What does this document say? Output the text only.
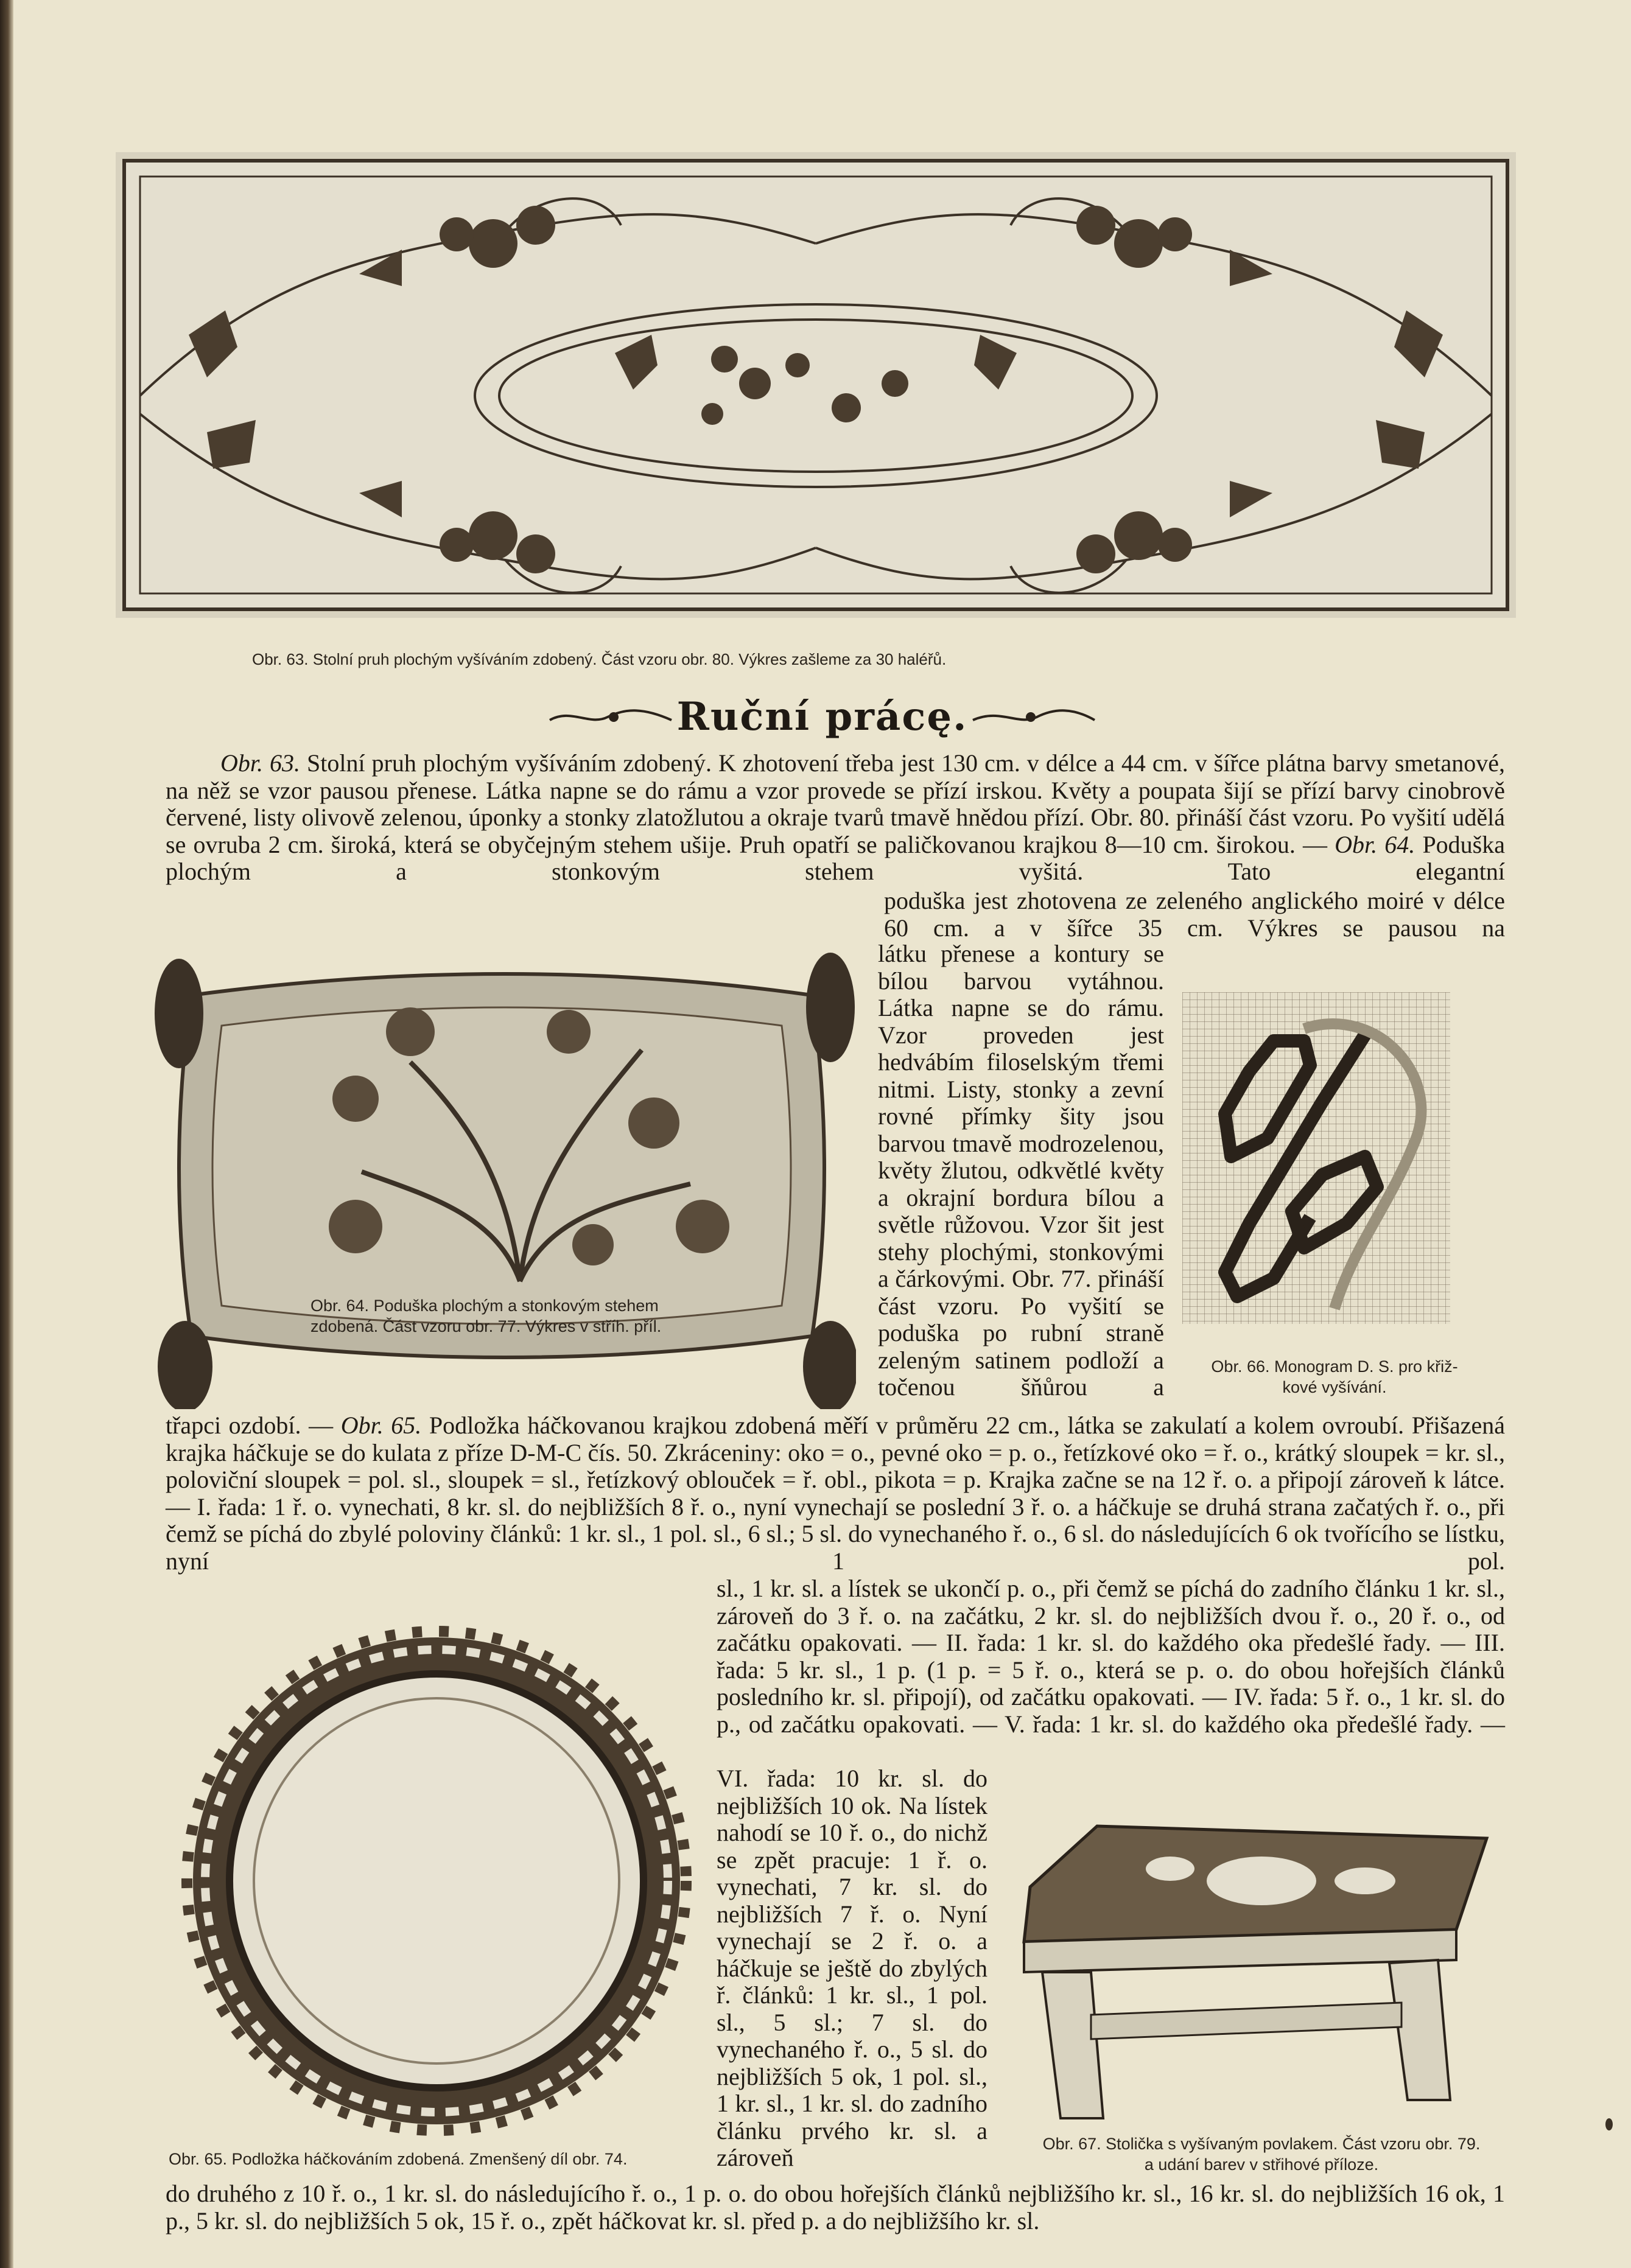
Obr. 63. Stolní pruh plochým vyšíváním zdobený. Část vzoru obr. 80. Výkres zašleme za 30 haléřů.
Ruční prácę.

Obr. 63. Stolní pruh plochým vyšíváním zdobený. K zhotovení třeba jest 130 cm. v délce a 44 cm. v šířce plátna barvy smetanové, na něž se vzor pausou přenese. Látka napne se do rámu a vzor provede se přízí irskou. Květy a poupata šijí se přízí barvy cinobrově červené, listy olivově zelenou, úponky a stonky zlatožlutou a okraje tvarů tmavě hnědou přízí. Obr. 80. přináší část vzoru. Po vyšití udělá se ovruba 2 cm. široká, která se obyčejným stehem ušije. Pruh opatří se paličkovanou krajkou 8—10 cm. širokou. — Obr. 64. Poduška plochým a stonkovým stehem vyšitá. Tato elegantní

Obr. 64. Poduška plochým a stonkovým stehem
zdobená. Část vzoru obr. 77. Výkres v stříh. příl.

poduška jest zhotovena ze zeleného anglického moiré v délce 60 cm. a v šířce 35 cm. Výkres se pausou na

látku přenese a kontury se bílou barvou vytáhnou. Látka napne se do rámu. Vzor proveden jest hedvábím filoselským třemi nitmi. Listy, stonky a zevní rovné přímky šity jsou barvou tmavě modrozelenou, květy žlutou, odkvětlé květy a okrajní bordura bílou a světle růžovou. Vzor šit jest stehy plochými, stonkovými a čárkovými. Obr. 77. přináší část vzoru. Po vyšití se poduška po rubní straně zeleným satinem podloží a točenou šňůrou a

Obr. 66. Monogram D. S. pro křiž-
kové vyšívání.

třapci ozdobí. — Obr. 65. Podložka háčkovanou krajkou zdobená měří v průměru 22 cm., látka se zakulatí a kolem ovroubí. Přišazená krajka háčkuje se do kulata z příze D-M-C čís. 50. Zkráceniny: oko = o., pevné oko = p. o., řetízkové oko = ř. o., krátký sloupek = kr. sl., poloviční sloupek = pol. sl., sloupek = sl., řetízkový oblouček = ř. obl., pikota = p. Krajka začne se na 12 ř. o. a připojí zároveň k látce. — I. řada: 1 ř. o. vynechati, 8 kr. sl. do nejbližších 8 ř. o., nyní vynechají se poslední 3 ř. o. a háčkuje se druhá strana začatých ř. o., při čemž se píchá do zbylé poloviny článků: 1 kr. sl., 1 pol. sl., 6 sl.; 5 sl. do vynechaného ř. o., 6 sl. do následujících 6 ok tvořícího se lístku, nyní 1 pol.

Obr. 65. Podložka háčkováním zdobená. Zmenšený díl obr. 74.

sl., 1 kr. sl. a lístek se ukončí p. o., při čemž se píchá do zadního článku 1 kr. sl., zároveň do 3 ř. o. na začátku, 2 kr. sl. do nejbližších dvou ř. o., 20 ř. o., od začátku opakovati. — II. řada: 1 kr. sl. do každého oka předešlé řady. — III. řada: 5 kr. sl., 1 p. (1 p. = 5 ř. o., která se p. o. do obou hořejších článků posledního kr. sl. připojí), od začátku opakovati. — IV. řada: 5 ř. o., 1 kr. sl. do p., od začátku opakovati. — V. řada: 1 kr. sl. do každého oka předešlé řady. —

VI. řada: 10 kr. sl. do nejbližších 10 ok. Na lístek nahodí se 10 ř. o., do nichž se zpět pracuje: 1 ř. o. vynechati, 7 kr. sl. do nejbližších 7 ř. o. Nyní vynechají se 2 ř. o. a háčkuje se ještě do zbylých ř. článků: 1 kr. sl., 1 pol. sl., 5 sl.; 7 sl. do vynechaného ř. o., 5 sl. do nejbližších 5 ok, 1 pol. sl., 1 kr. sl., 1 kr. sl. do zadního článku prvého kr. sl. a zároveň	Obr. 67. Stolička s vyšívaným povlakem. Část vzoru obr. 79.
a udání barev v střihové příloze.

do druhého z 10 ř. o., 1 kr. sl. do následujícího ř. o., 1 p. o. do obou hořejších článků nejbližšího kr. sl., 16 kr. sl. do nejbližších 16 ok, 1 p., 5 kr. sl. do nejbližších 5 ok, 15 ř. o., zpět háčkovat kr. sl. před p. a do nejbližšího kr. sl.
